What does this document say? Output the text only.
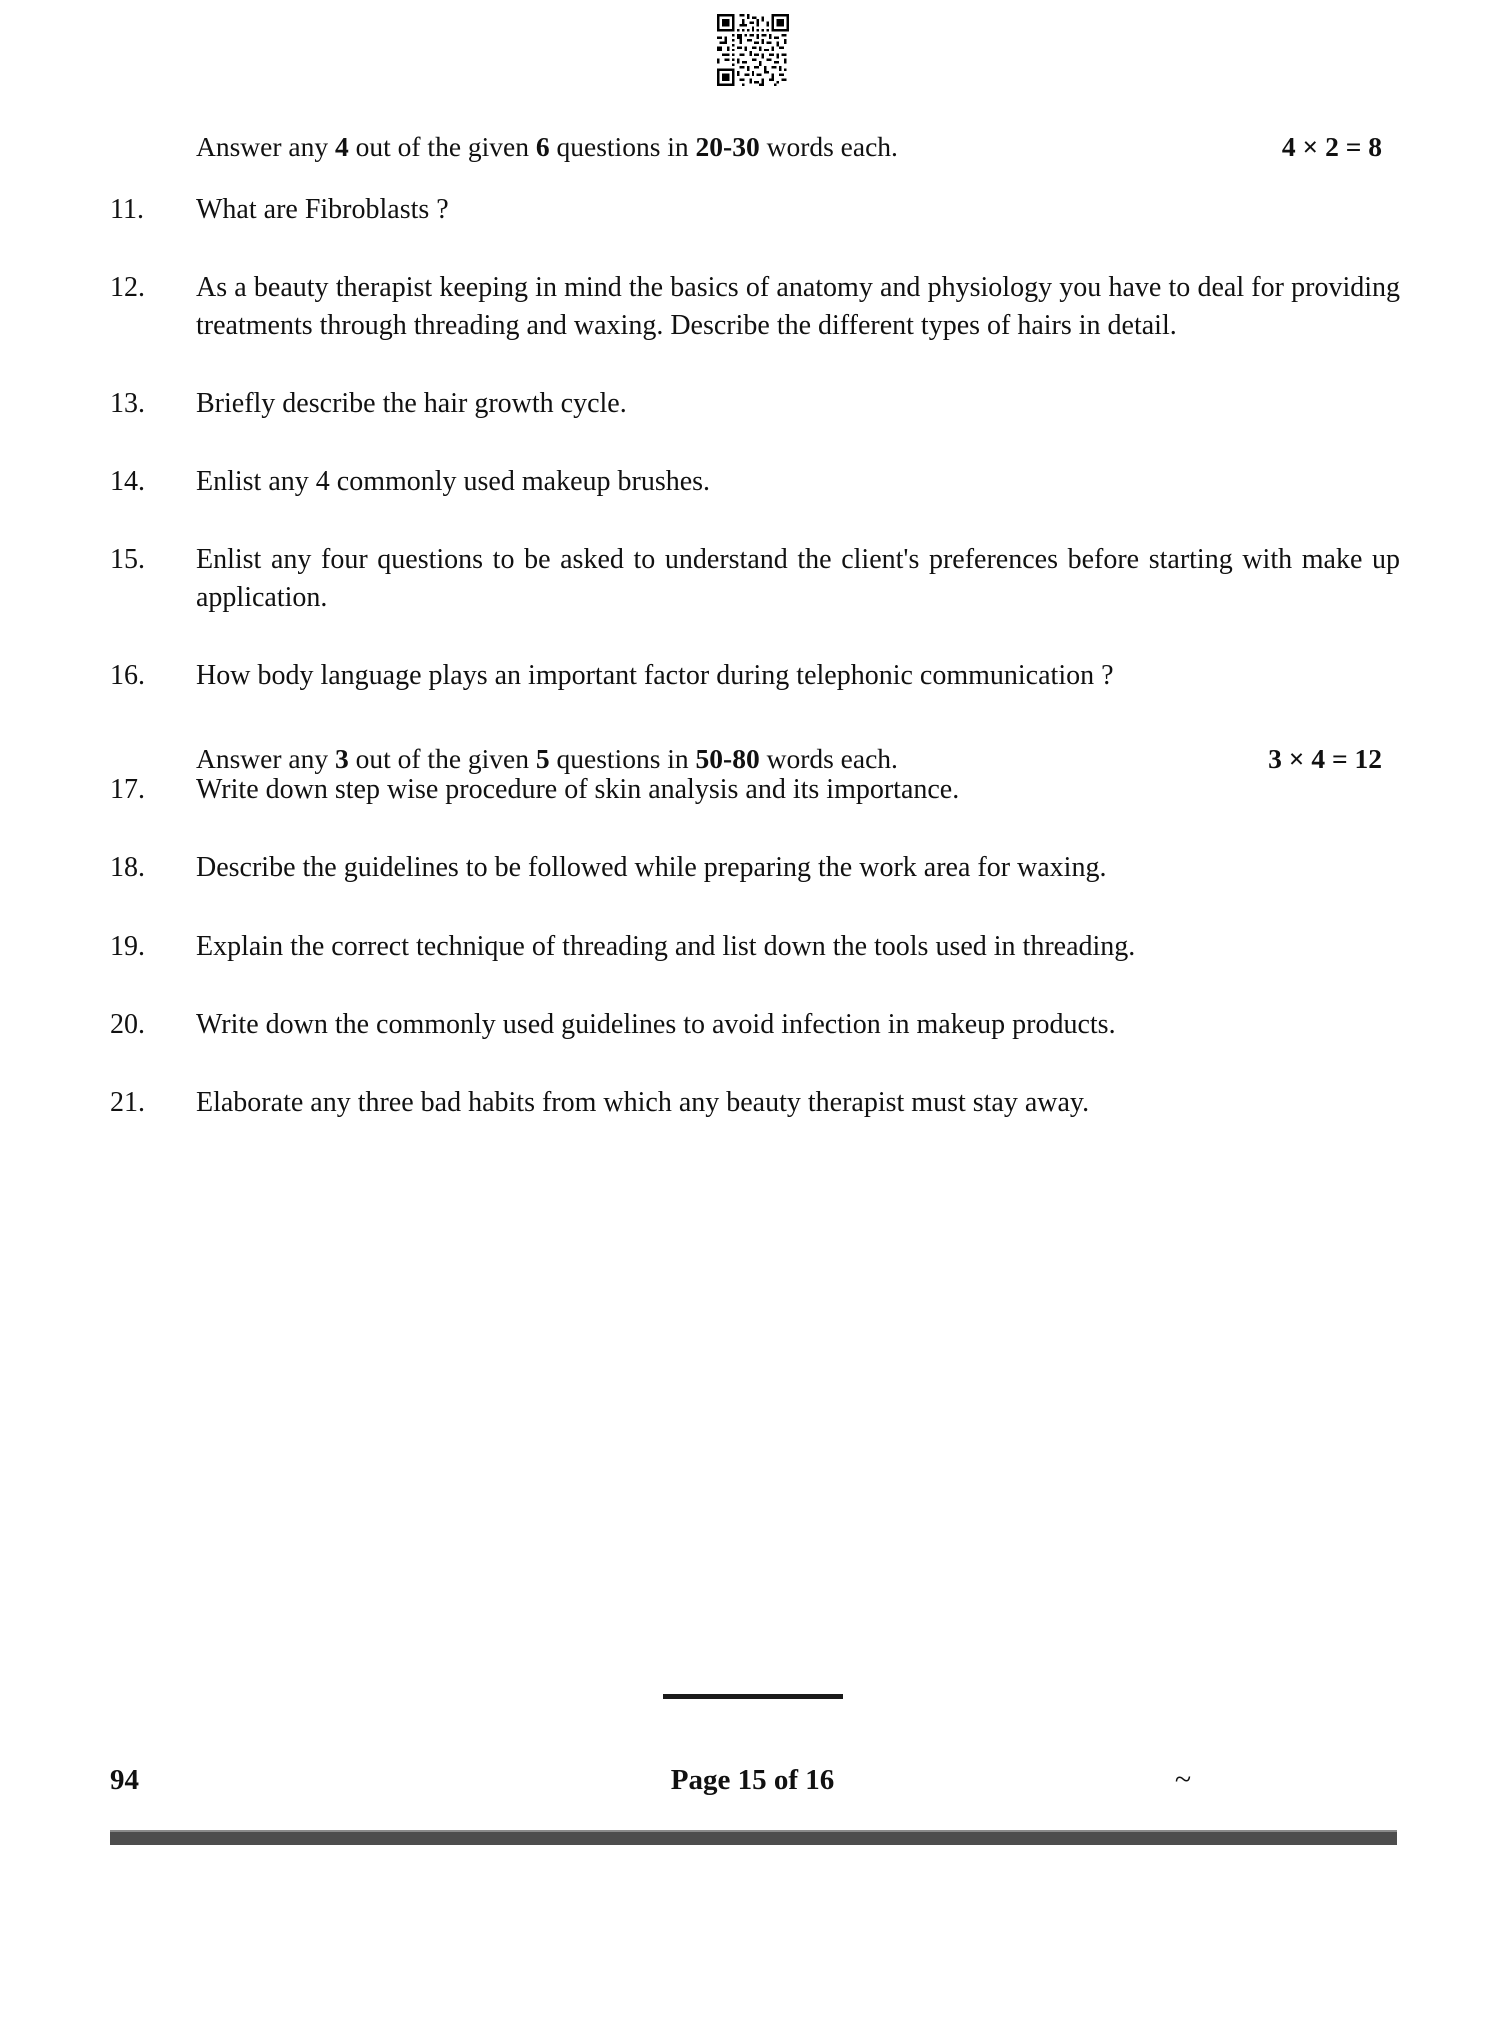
Answer any 4 out of the given 6 questions in 20-30 words each.	4 × 2 = 8
11.	What are Fibroblasts ?
12.	As a beauty therapist keeping in mind the basics of anatomy and physiology you have to deal for providing treatments through threading and waxing. Describe the different types of hairs in detail.
13.	Briefly describe the hair growth cycle.
14.	Enlist any 4 commonly used makeup brushes.
15.	Enlist any four questions to be asked to understand the client's preferences before starting with make up application.
16.	How body language plays an important factor during telephonic communication ?
Answer any 3 out of the given 5 questions in 50-80 words each.	3 × 4 = 12
17.	Write down step wise procedure of skin analysis and its importance.
18.	Describe the guidelines to be followed while preparing the work area for waxing.
19.	Explain the correct technique of threading and list down the tools used in threading.
20.	Write down the commonly used guidelines to avoid infection in makeup products.
21.	Elaborate any three bad habits from which any beauty therapist must stay away.
94	Page 15 of 16	~
